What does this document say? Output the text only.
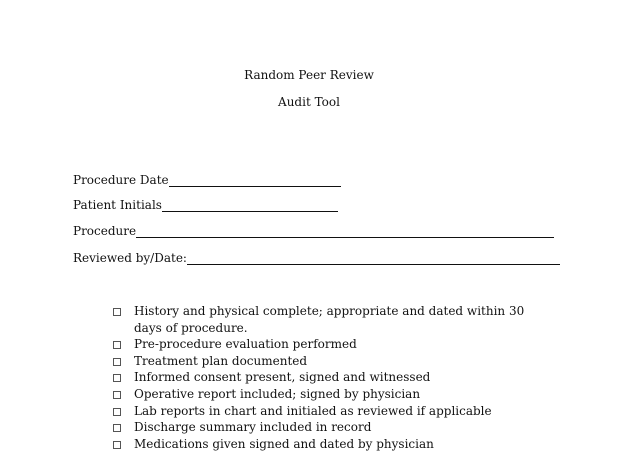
Random Peer Review
Audit Tool
Procedure Date
Patient Initials
Procedure
Reviewed by/Date:
History and physical complete; appropriate and dated within 30 days of procedure.
Pre-procedure evaluation performed
Treatment plan documented
Informed consent present, signed and witnessed
Operative report included; signed by physician
Lab reports in chart and initialed as reviewed if applicable
Discharge summary included in record
Medications given signed and dated by physician
